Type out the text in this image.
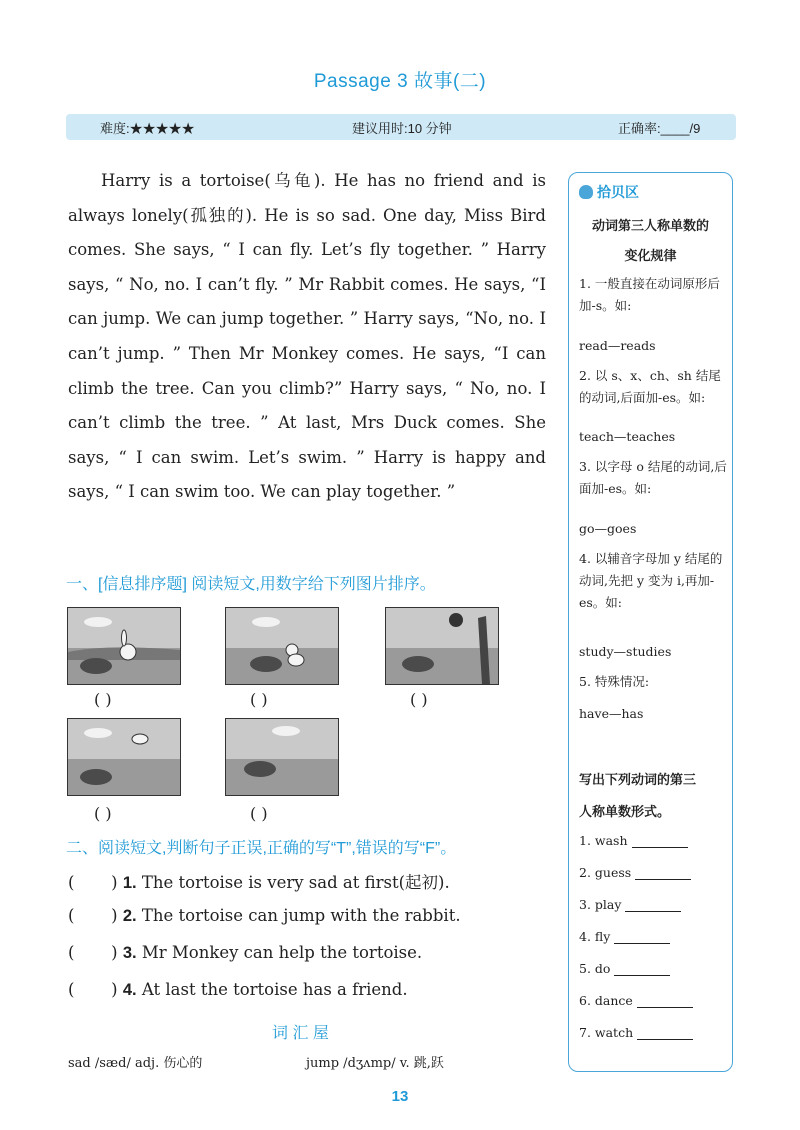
Passage 3 故事(二)
难度:★★★★★	建议用时:10 分钟	正确率:____/9

Harry is a tortoise(乌龟). He has no friend and is always lonely(孤独的). He is so sad. One day, Miss Bird comes. She says, “ I can fly. Let’s fly together. ” Harry says, “ No, no. I can’t fly. ” Mr Rabbit comes. He says, “I can jump. We can jump together. ” Harry says, “No, no. I can’t jump. ” Then Mr Monkey comes. He says, “I can climb the tree. Can you climb?” Harry says, “ No, no. I can’t climb the tree. ” At last, Mrs Duck comes. She says, “ I can swim. Let’s swim. ” Harry is happy and says, “ I can swim too. We can play together. ”

一、[信息排序题] 阅读短文,用数字给下列图片排序。
( )	( )	( )
( )	( )
二、阅读短文,判断句子正误,正确的写“T”,错误的写“F”。
(       ) 1. The tortoise is very sad at first(起初).
(       ) 2. The tortoise can jump with the rabbit.
(       ) 3. Mr Monkey can help the tortoise.
(       ) 4. At last the tortoise has a friend.
词 汇 屋
sad /sæd/ adj. 伤心的	jump /dʒʌmp/ v. 跳,跃
拾贝区
动词第三人称单数的
变化规律
1. 一般直接在动词原形后加-s。如:
read—reads
2. 以 s、x、ch、sh 结尾的动词,后面加-es。如:
teach—teaches
3. 以字母 o 结尾的动词,后面加-es。如:
go—goes
4. 以辅音字母加 y 结尾的动词,先把 y 变为 i,再加-es。如:
study—studies
5. 特殊情况:
have—has
写出下列动词的第三
人称单数形式。
1. wash
2. guess
3. play
4. fly
5. do
6. dance
7. watch
13
